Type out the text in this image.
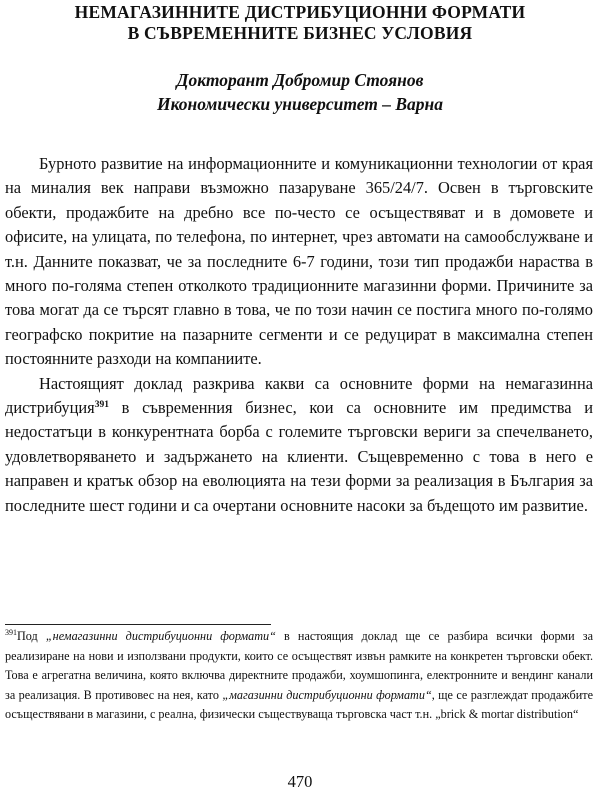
НЕМАГАЗИННИТЕ ДИСТРИБУЦИОННИ ФОРМАТИ
В СЪВРЕМЕННИТЕ БИЗНЕС УСЛОВИЯ
Докторант Добромир Стоянов
Икономически университет – Варна

Бурното развитие на информационните и комуникационни технологии от края на миналия век направи възможно пазаруване 365/24/7. Освен в търговските обекти, продажбите на дребно все по-често се осъществяват и в домовете и офисите, на улицата, по телефона, по интернет, чрез автомати на самообслужване и т.н. Данните показват, че за последните 6-7 години, този тип продажби нараства в много по-голяма степен отколкото традиционните магазинни форми. Причините за това могат да се търсят главно в това, че по този начин се постига много по-голямо географско покритие на пазарните сегменти и се редуцират в максимална степен постоянните разходи на компаниите.

Настоящият доклад разкрива какви са основните форми на немагазинна дистрибуция$^{391}$ в съвременния бизнес, кои са основните им предимства и недостатъци в конкурентната борба с големите търговски вериги за спечелването, удовлетворяването и задържането на клиенти. Същевременно с това в него е направен и кратък обзор на еволюцията на тези форми за реализация в България за последните шест години и са очертани основните насоки за бъдещото им развитие.

$^{391}$Под „немагазинни дистрибуционни формати“ в настоящия доклад ще се разбира всички форми за реализиране на нови и използвани продукти, които се осъществят извън рамките на конкретен търговски обект. Това е агрегатна величина, която включва директните продажби, хоумшопинга, електронните и вендинг канали за реализация. В противовес на нея, като „магазинни дистрибуционни формати“, ще се разглеждат продажбите осъществявани в магазини, с реална, физически съществуваща търговска част т.н. „brick & mortar distribution“

470
